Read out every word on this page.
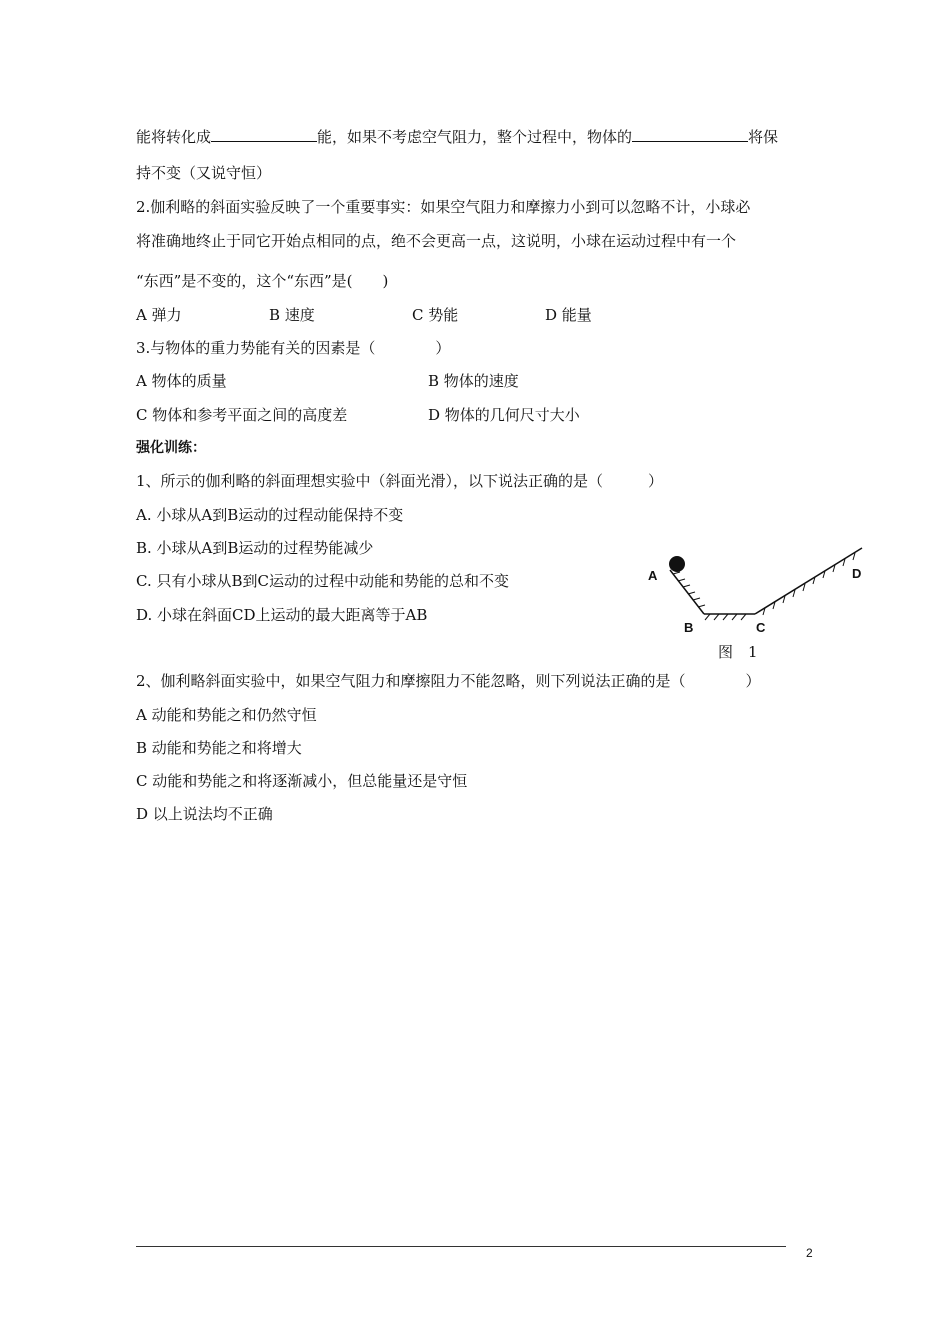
能将转化成	能，如果不考虑空气阻力，整个过程中，物体的	将保
持不变（又说守恒）
2.伽利略的斜面实验反映了一个重要事实：如果空气阻力和摩擦力小到可以忽略不计，小球必
将准确地终止于同它开始点相同的点，绝不会更高一点，这说明，小球在运动过程中有一个
“东西”是不变的，这个“东西”是(　　)
A 弹力	B 速度	C 势能	D 能量
3.与物体的重力势能有关的因素是（　　　　）
A 物体的质量	B 物体的速度
C 物体和参考平面之间的高度差	D 物体的几何尺寸大小
强化训练：
1、所示的伽利略的斜面理想实验中（斜面光滑），以下说法正确的是（　　　）
A. 小球从A到B运动的过程动能保持不变
B. 小球从A到B运动的过程势能减少
C. 只有小球从B到C运动的过程中动能和势能的总和不变
D. 小球在斜面CD上运动的最大距离等于AB
A
B	C
D
图　1
2、伽利略斜面实验中，如果空气阻力和摩擦阻力不能忽略，则下列说法正确的是（　　　　）
A 动能和势能之和仍然守恒
B 动能和势能之和将增大
C 动能和势能之和将逐渐减小，但总能量还是守恒
D 以上说法均不正确
2
